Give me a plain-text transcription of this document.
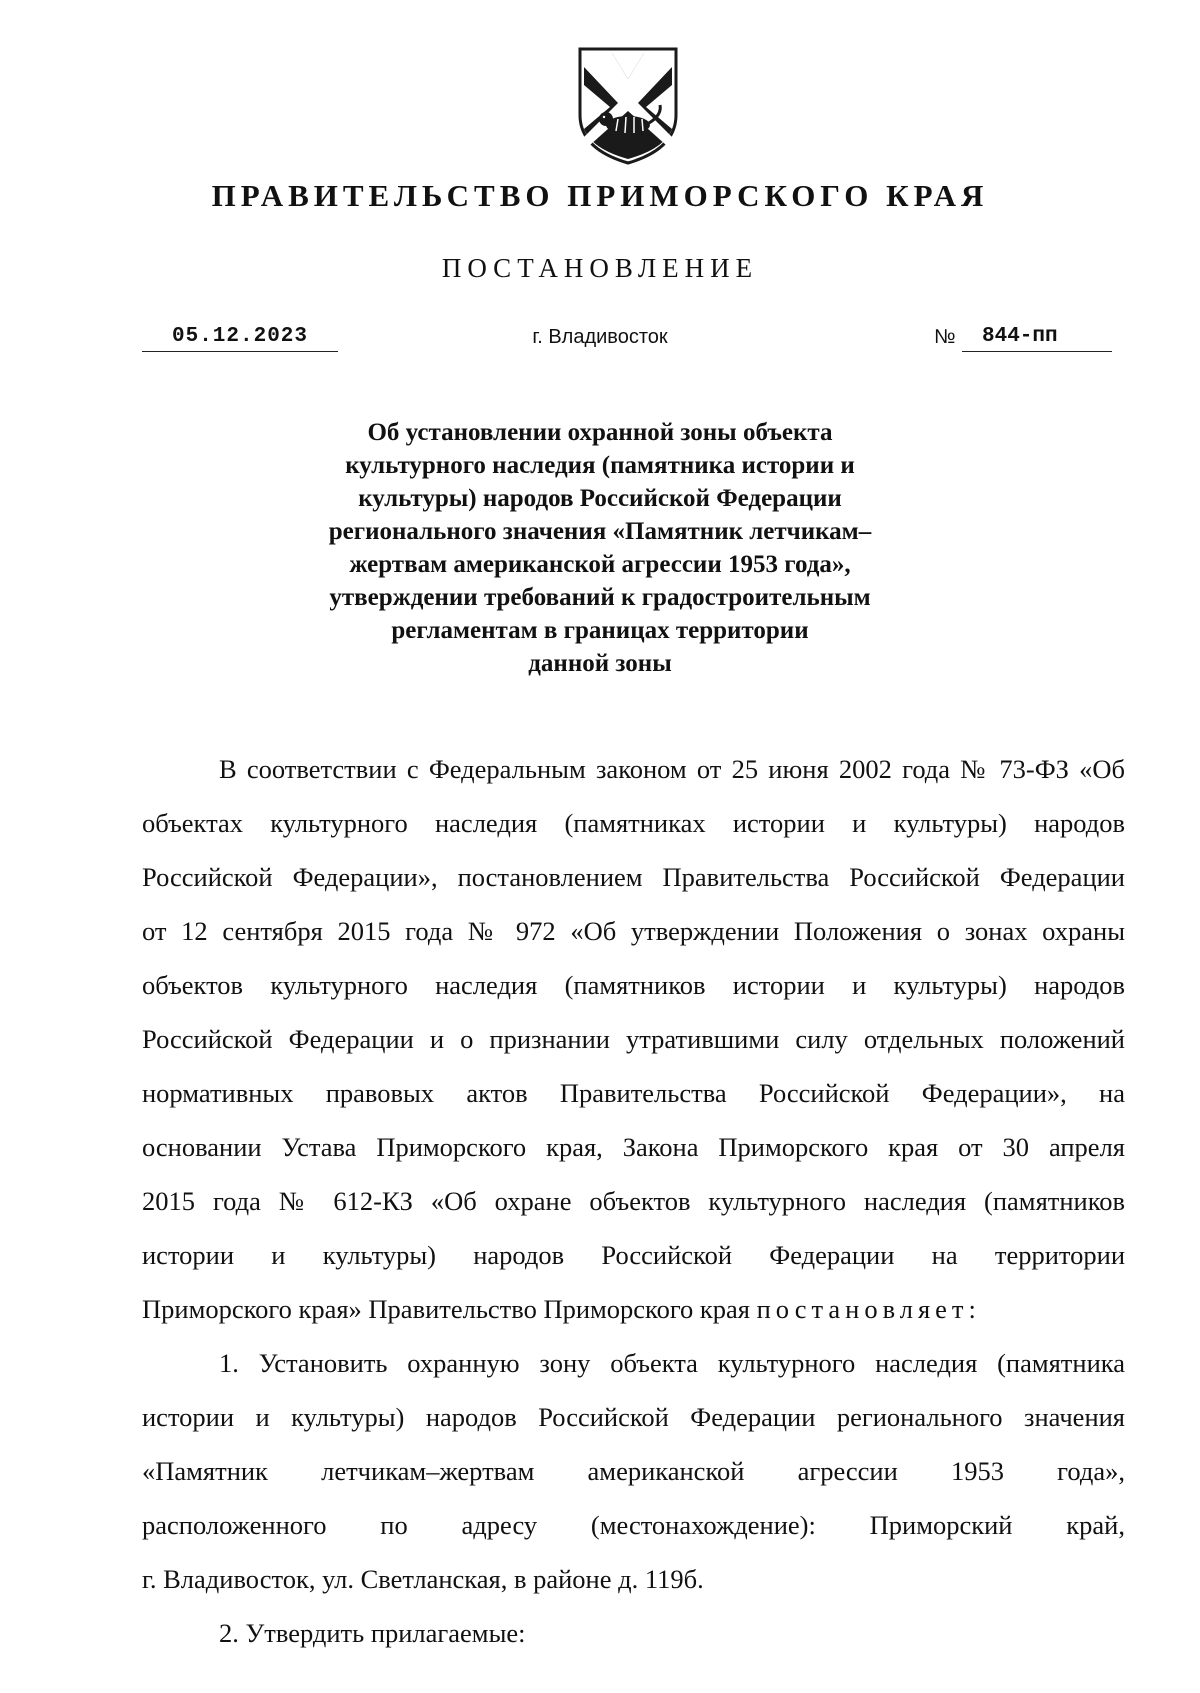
ПРАВИТЕЛЬСТВО ПРИМОРСКОГО КРАЯ
ПОСТАНОВЛЕНИЕ
05.12.2023	г. Владивосток	№	844-пп
Об установлении охранной зоны объекта
культурного наследия (памятника истории и
культуры) народов Российской Федерации
регионального значения «Памятник летчикам–
жертвам американской агрессии 1953 года»,
утверждении требований к градостроительным
регламентам в границах территории
данной зоны
В соответствии с Федеральным законом от 25 июня 2002 года № 73-ФЗ «Об
объектах культурного наследия (памятниках истории и культуры) народов
Российской Федерации», постановлением Правительства Российской Федерации
от 12 сентября 2015 года № 972 «Об утверждении Положения о зонах охраны
объектов культурного наследия (памятников истории и культуры) народов
Российской Федерации и о признании утратившими силу отдельных положений
нормативных правовых актов Правительства Российской Федерации», на
основании Устава Приморского края, Закона Приморского края от 30 апреля
2015 года № 612-КЗ «Об охране объектов культурного наследия (памятников
истории и культуры) народов Российской Федерации на территории
Приморского края» Правительство Приморского края постановляет:
1. Установить охранную зону объекта культурного наследия (памятника
истории и культуры) народов Российской Федерации регионального значения
«Памятник летчикам–жертвам американской агрессии 1953 года»,
расположенного по адресу (местонахождение): Приморский край,
г. Владивосток, ул. Светланская, в районе д. 119б.
2. Утвердить прилагаемые:
